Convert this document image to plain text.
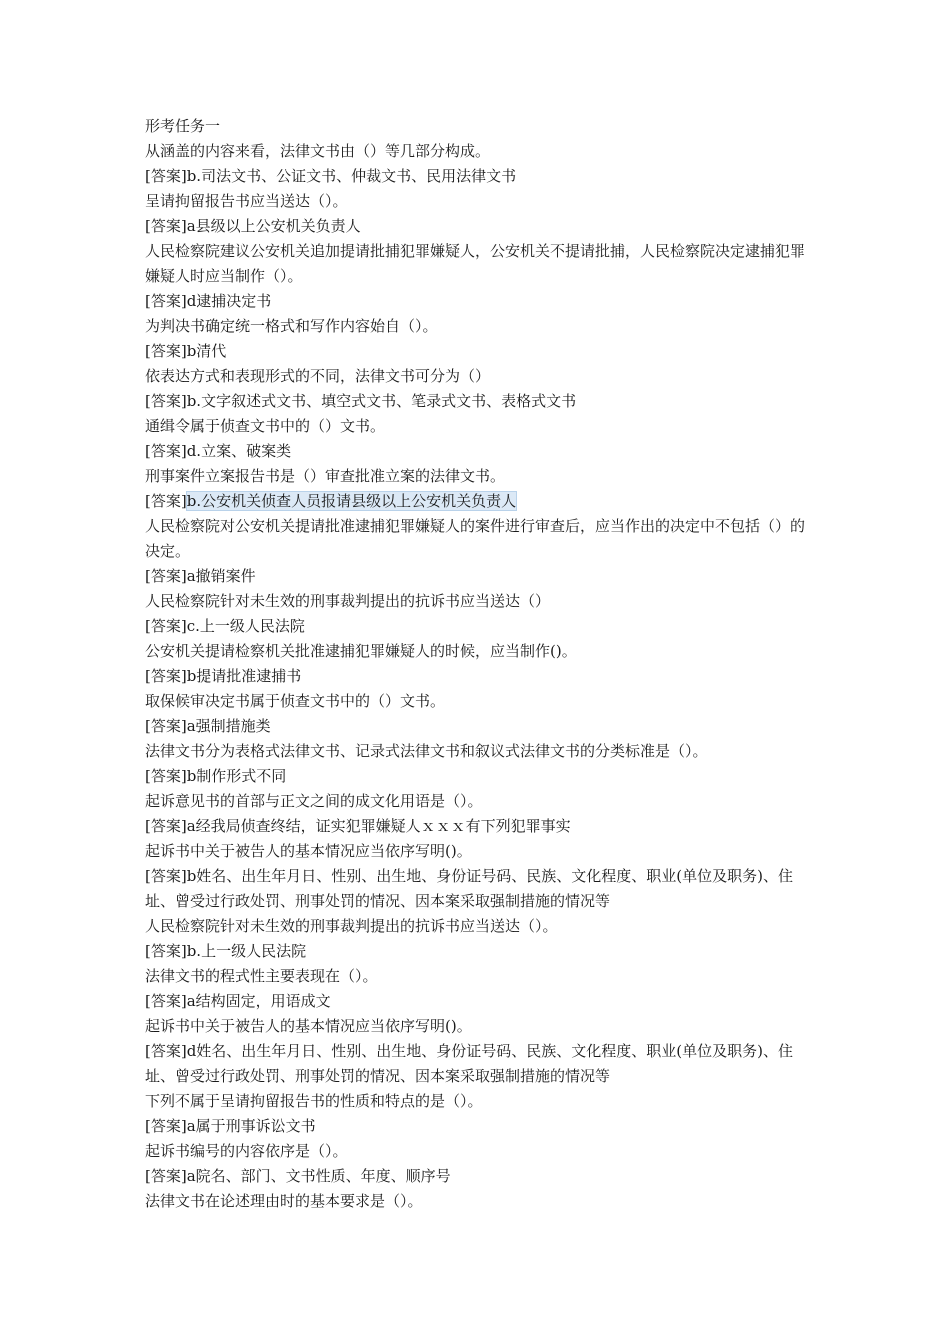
形考任务一
从涵盖的内容来看，法律文书由（）等几部分构成。
[答案]b.司法文书、公证文书、仲裁文书、民用法律文书
呈请拘留报告书应当送达（）。
[答案]a县级以上公安机关负责人
人民检察院建议公安机关追加提请批捕犯罪嫌疑人，公安机关不提请批捕，人民检察院决定逮捕犯罪嫌疑人时应当制作（）。
[答案]d逮捕决定书
为判决书确定统一格式和写作内容始自（）。
[答案]b清代
依表达方式和表现形式的不同，法律文书可分为（）
[答案]b.文字叙述式文书、填空式文书、笔录式文书、表格式文书
通缉令属于侦查文书中的（）文书。
[答案]d.立案、破案类
刑事案件立案报告书是（）审查批准立案的法律文书。
[答案]b.公安机关侦查人员报请县级以上公安机关负责人
人民检察院对公安机关提请批准逮捕犯罪嫌疑人的案件进行审查后，应当作出的决定中不包括（）的决定。
[答案]a撤销案件
人民检察院针对未生效的刑事裁判提出的抗诉书应当送达（）
[答案]c.上一级人民法院
公安机关提请检察机关批准逮捕犯罪嫌疑人的时候，应当制作()。
[答案]b提请批准逮捕书
取保候审决定书属于侦查文书中的（）文书。
[答案]a强制措施类
法律文书分为表格式法律文书、记录式法律文书和叙议式法律文书的分类标准是（）。
[答案]b制作形式不同
起诉意见书的首部与正文之间的成文化用语是（）。
[答案]a经我局侦查终结，证实犯罪嫌疑人ｘｘｘ有下列犯罪事实
起诉书中关于被告人的基本情况应当依序写明()。
[答案]b姓名、出生年月日、性别、出生地、身份证号码、民族、文化程度、职业(单位及职务)、住址、曾受过行政处罚、刑事处罚的情况、因本案采取强制措施的情况等
人民检察院针对未生效的刑事裁判提出的抗诉书应当送达（）。
[答案]b.上一级人民法院
法律文书的程式性主要表现在（）。
[答案]a结构固定，用语成文
起诉书中关于被告人的基本情况应当依序写明()。
[答案]d姓名、出生年月日、性别、出生地、身份证号码、民族、文化程度、职业(单位及职务)、住址、曾受过行政处罚、刑事处罚的情况、因本案采取强制措施的情况等
下列不属于呈请拘留报告书的性质和特点的是（）。
[答案]a属于刑事诉讼文书
起诉书编号的内容依序是（）。
[答案]a院名、部门、文书性质、年度、顺序号
法律文书在论述理由时的基本要求是（）。
